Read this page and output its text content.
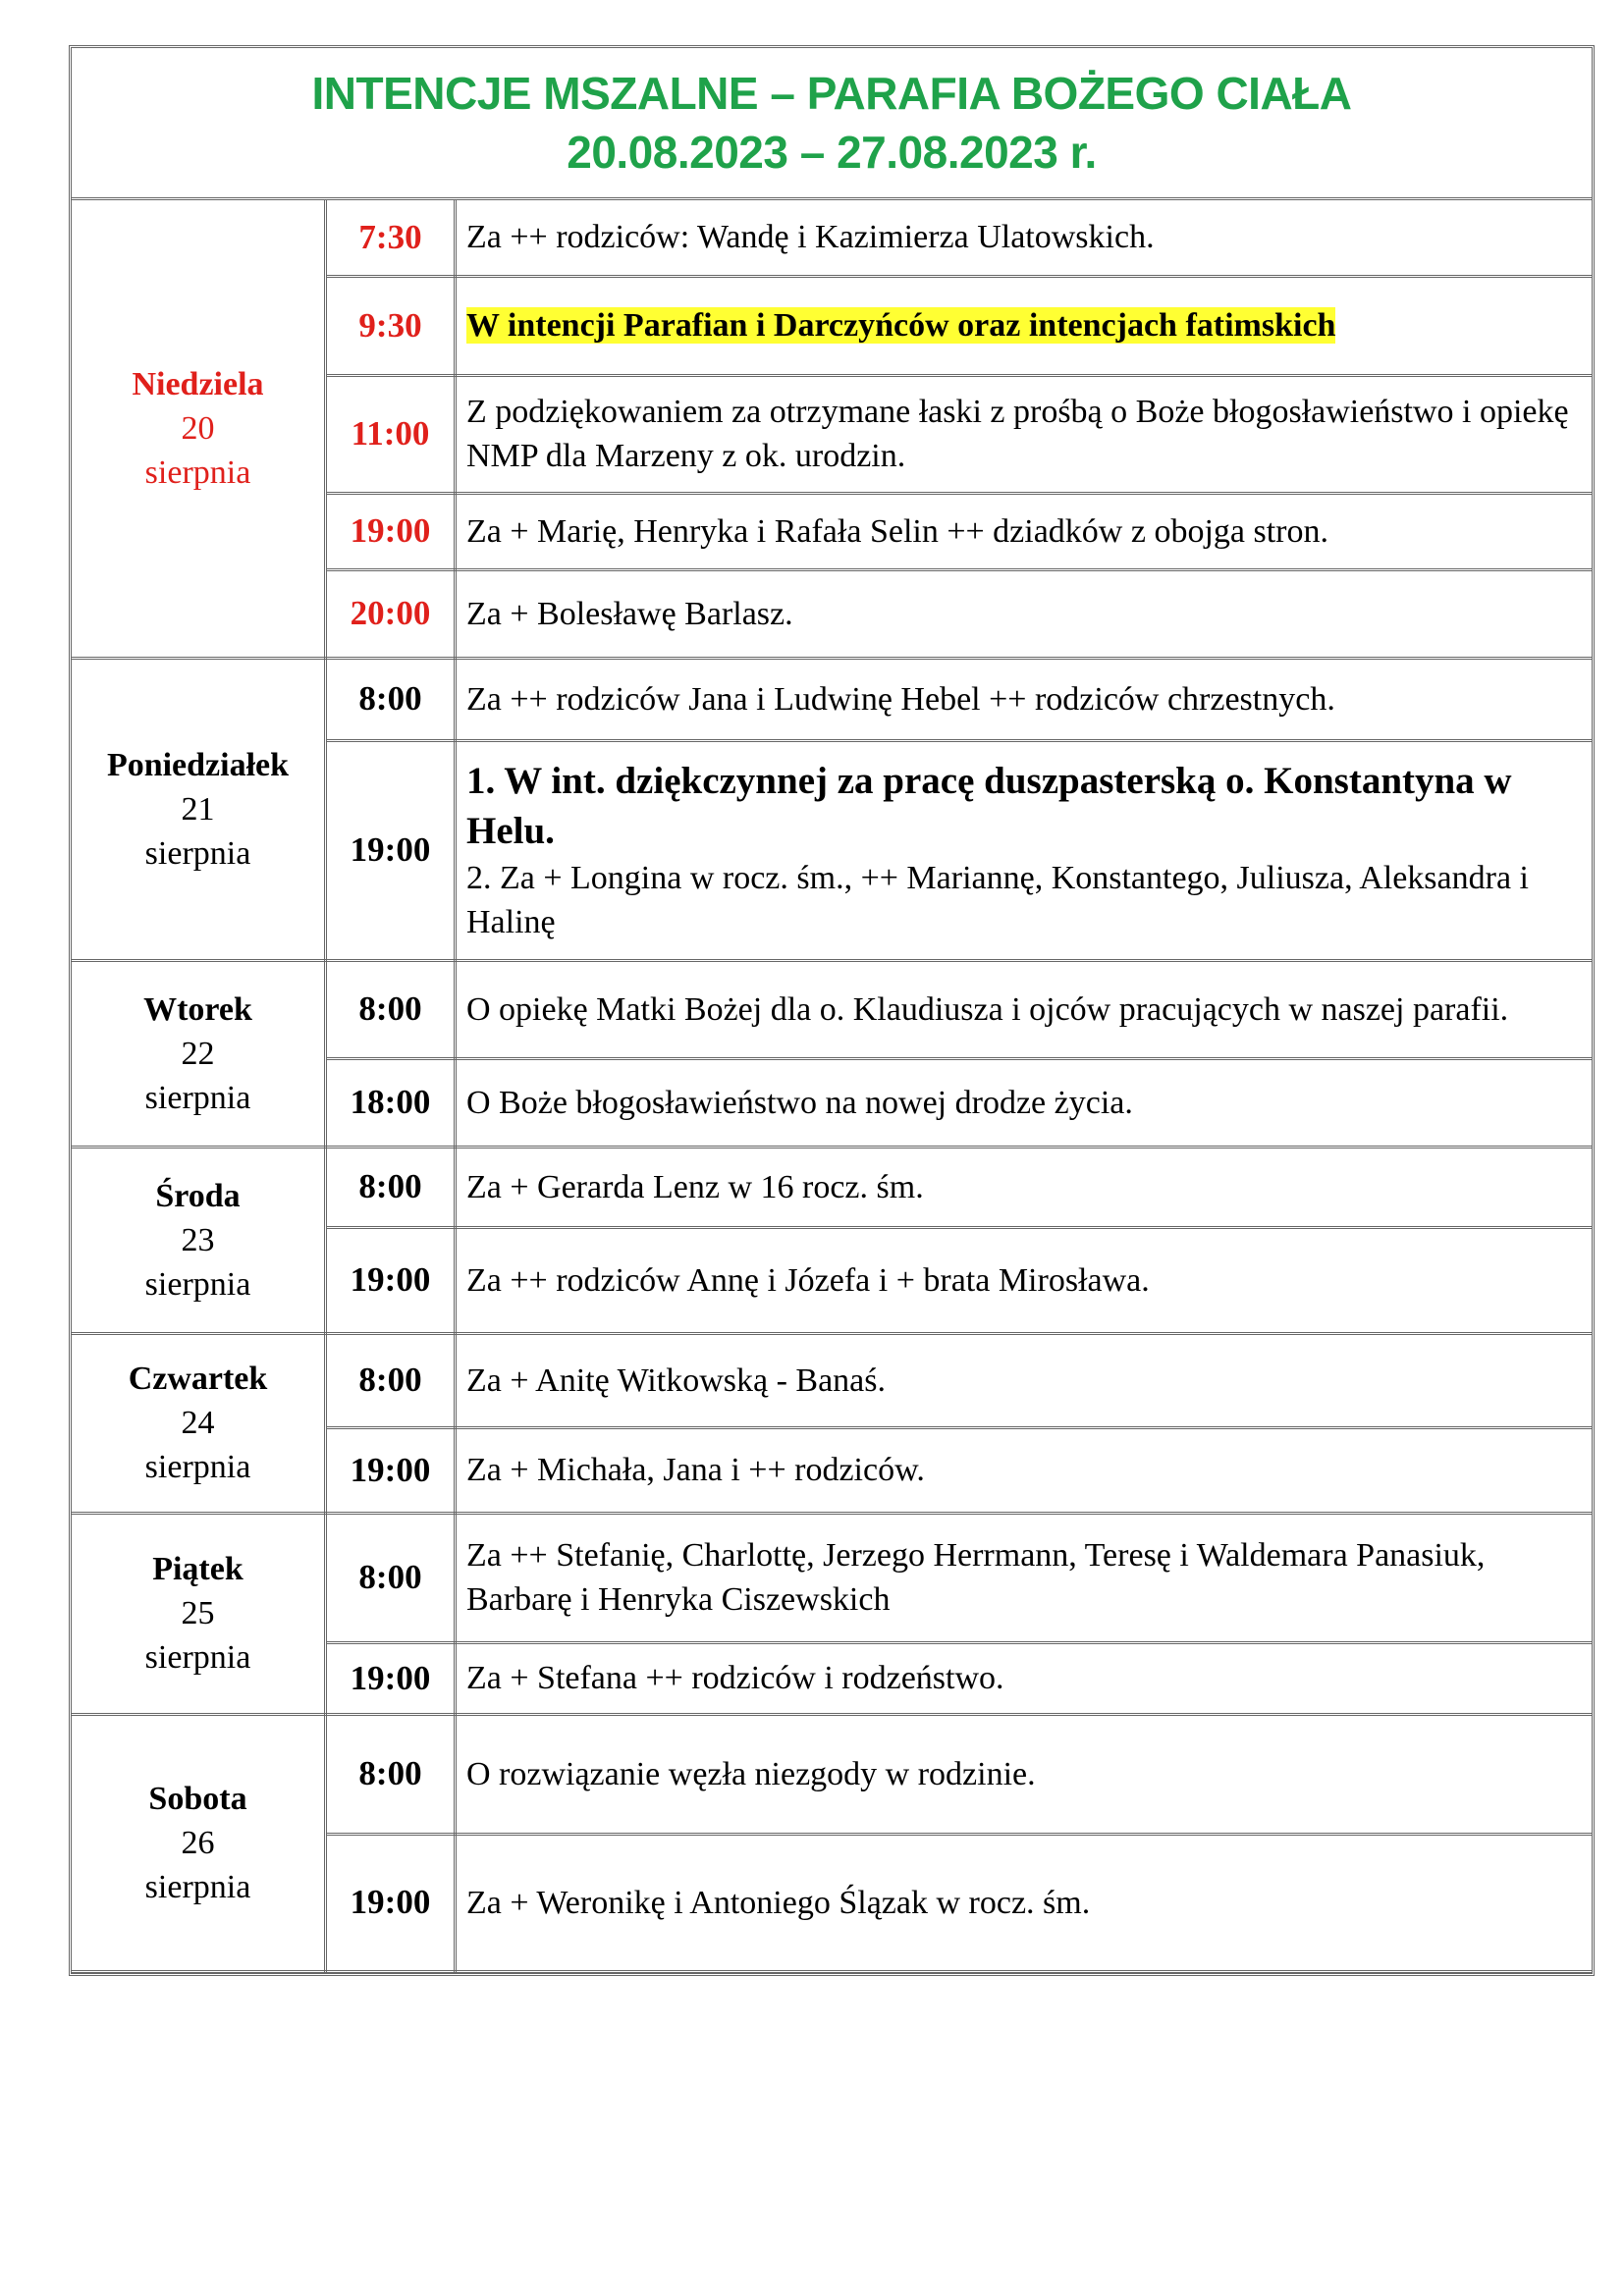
INTENCJE MSZALNE – PARAFIA BOŻEGO CIAŁA
20.08.2023 – 27.08.2023 r.
Niedziela
20
sierpnia	7:30	Za ++ rodziców: Wandę i Kazimierza Ulatowskich.
	9:30	W intencji Parafian i Darczyńców oraz intencjach fatimskich
	11:00	Z podziękowaniem za otrzymane łaski z prośbą o Boże błogosławieństwo i opiekę NMP dla Marzeny z ok. urodzin.
	19:00	Za + Marię, Henryka i Rafała Selin ++ dziadków z obojga stron.
	20:00	Za + Bolesławę Barlasz.

Poniedziałek
21
sierpnia	8:00	Za ++ rodziców Jana i Ludwinę Hebel ++ rodziców chrzestnych.
	19:00	1. W int. dziękczynnej za pracę duszpasterską o. Konstantyna w Helu.
2. Za + Longina w rocz. śm., ++ Mariannę, Konstantego, Juliusza, Aleksandra i Halinę

Wtorek
22
sierpnia	8:00	O opiekę Matki Bożej dla o. Klaudiusza i ojców pracujących w naszej parafii.
	18:00	O Boże błogosławieństwo na nowej drodze życia.

Środa
23
sierpnia	8:00	Za + Gerarda Lenz w 16 rocz. śm.
	19:00	Za ++ rodziców Annę i Józefa i + brata Mirosława.

Czwartek
24
sierpnia	8:00	Za + Anitę Witkowską - Banaś.
	19:00	Za + Michała, Jana i ++ rodziców.

Piątek
25
sierpnia	8:00	Za ++ Stefanię, Charlottę, Jerzego Herrmann, Teresę i Waldemara Panasiuk, Barbarę i Henryka Ciszewskich
	19:00	Za + Stefana ++ rodziców i rodzeństwo.

Sobota
26
sierpnia	8:00	O rozwiązanie węzła niezgody w rodzinie.
	19:00	Za + Weronikę i Antoniego Ślązak w rocz. śm.
